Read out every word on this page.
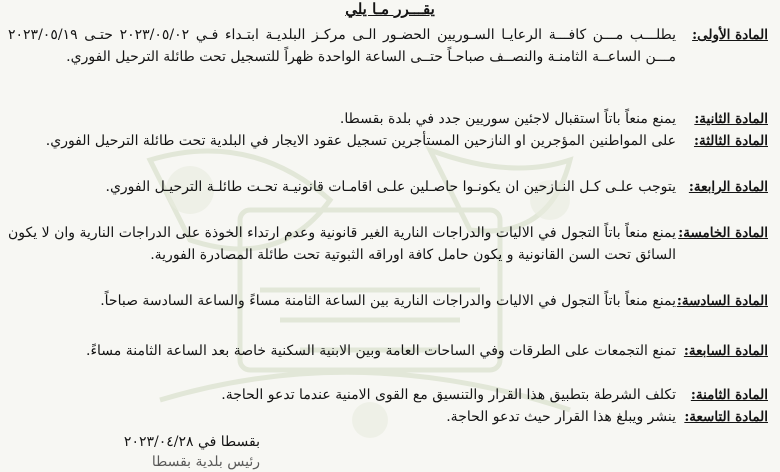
يقـــرر مـا يلي
المادة الأولى:
يطلـــب مـــن كافـــة الرعايـا السـوريين الحضـور الـى مركـز البلديـة ابتـداء فـي ٢٠٢٣/٠٥/٠٢ حتـى ٢٠٢٣/٠٥/١٩ مـــن الساعــة الثامنـة والنصــف صباحـاً حتــى الساعة الواحدة ظهراً للتسجيل تحت طائلة الترحيل الفوري.
المادة الثانية:
يمنع منعاً باتاً استقبال لاجئين سوريين جدد في بلدة بقسطا.
المادة الثالثة:
على المواطنين المؤجرين او النازحين المستأجرين تسجيل عقود الايجار في البلدية تحت طائلة الترحيل الفوري.
المادة الرابعة:
يتوجب علـى كـل النـازحين ان يكونـوا حاصـلين علـى اقامـات قانونيـة تحـت طائلـة الترحيـل الفوري.
المادة الخامسة:
يمنع منعاً باتاً التجول في الاليات والدراجات النارية الغير قانونية وعدم ارتداء الخوذة على الدراجات النارية وان لا يكون السائق تحت السن القانونية و يكون حامل كافة اوراقه الثبوتية تحت طائلة المصادرة الفورية.
المادة السادسة:
يمنع منعاً باتاً التجول في الاليات والدراجات النارية بين الساعة الثامنة مساءً والساعة السادسة صباحاً.
المادة السابعة:
تمنع التجمعات على الطرقات وفي الساحات العامة وبين الابنية السكنية خاصة بعد الساعة الثامنة مساءً.
المادة الثامنة:
تكلف الشرطة بتطبيق هذا القرار والتنسيق مع القوى الامنية عندما تدعو الحاجة.
المادة التاسعة:
ينشر ويبلغ هذا القرار حيث تدعو الحاجة.
بقسطا في ٢٠٢٣/٠٤/٢٨
رئيس بلدية بقسطا
